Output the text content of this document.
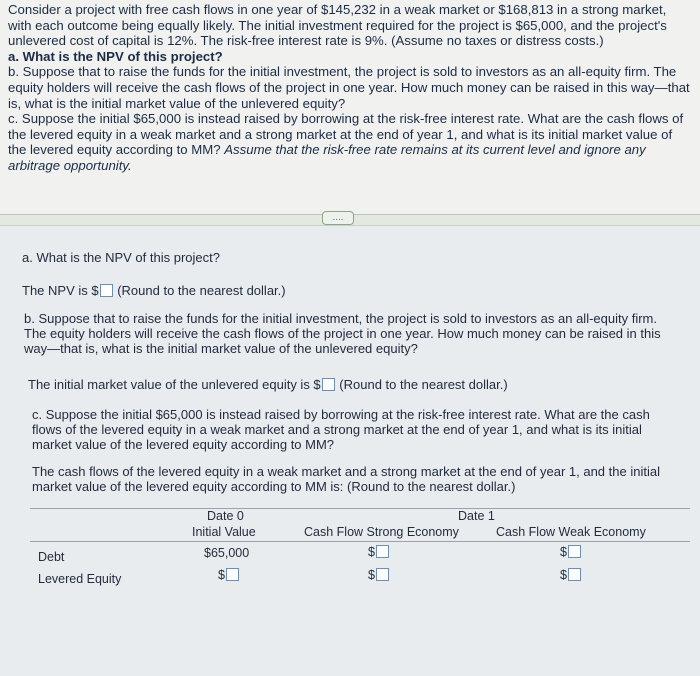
Consider a project with free cash flows in one year of $145,232 in a weak market or $168,813 in a strong market, with each outcome being equally likely. The initial investment required for the project is $65,000, and the project's unlevered cost of capital is 12%. The risk-free interest rate is 9%. (Assume no taxes or distress costs.)

a. What is the NPV of this project?

b. Suppose that to raise the funds for the initial investment, the project is sold to investors as an all-equity firm. The equity holders will receive the cash flows of the project in one year. How much money can be raised in this way—that is, what is the initial market value of the unlevered equity?

c. Suppose the initial $65,000 is instead raised by borrowing at the risk-free interest rate. What are the cash flows of the levered equity in a weak market and a strong market at the end of year 1, and what is its initial market value of the levered equity according to MM? Assume that the risk-free rate remains at its current level and ignore any arbitrage opportunity.

....

a. What is the NPV of this project?

The NPV is $ (Round to the nearest dollar.)

b. Suppose that to raise the funds for the initial investment, the project is sold to investors as an all-equity firm. The equity holders will receive the cash flows of the project in one year. How much money can be raised in this way—that is, what is the initial market value of the unlevered equity?

The initial market value of the unlevered equity is $ (Round to the nearest dollar.)

c. Suppose the initial $65,000 is instead raised by borrowing at the risk-free interest rate. What are the cash flows of the levered equity in a weak market and a strong market at the end of year 1, and what is its initial market value of the levered equity according to MM?

The cash flows of the levered equity in a weak market and a strong market at the end of year 1, and the initial market value of the levered equity according to MM is: (Round to the nearest dollar.)

Date 0	Date 1
Initial Value	Cash Flow Strong Economy	Cash Flow Weak Economy
Debt	$65,000	$	$
Levered Equity	$	$	$
